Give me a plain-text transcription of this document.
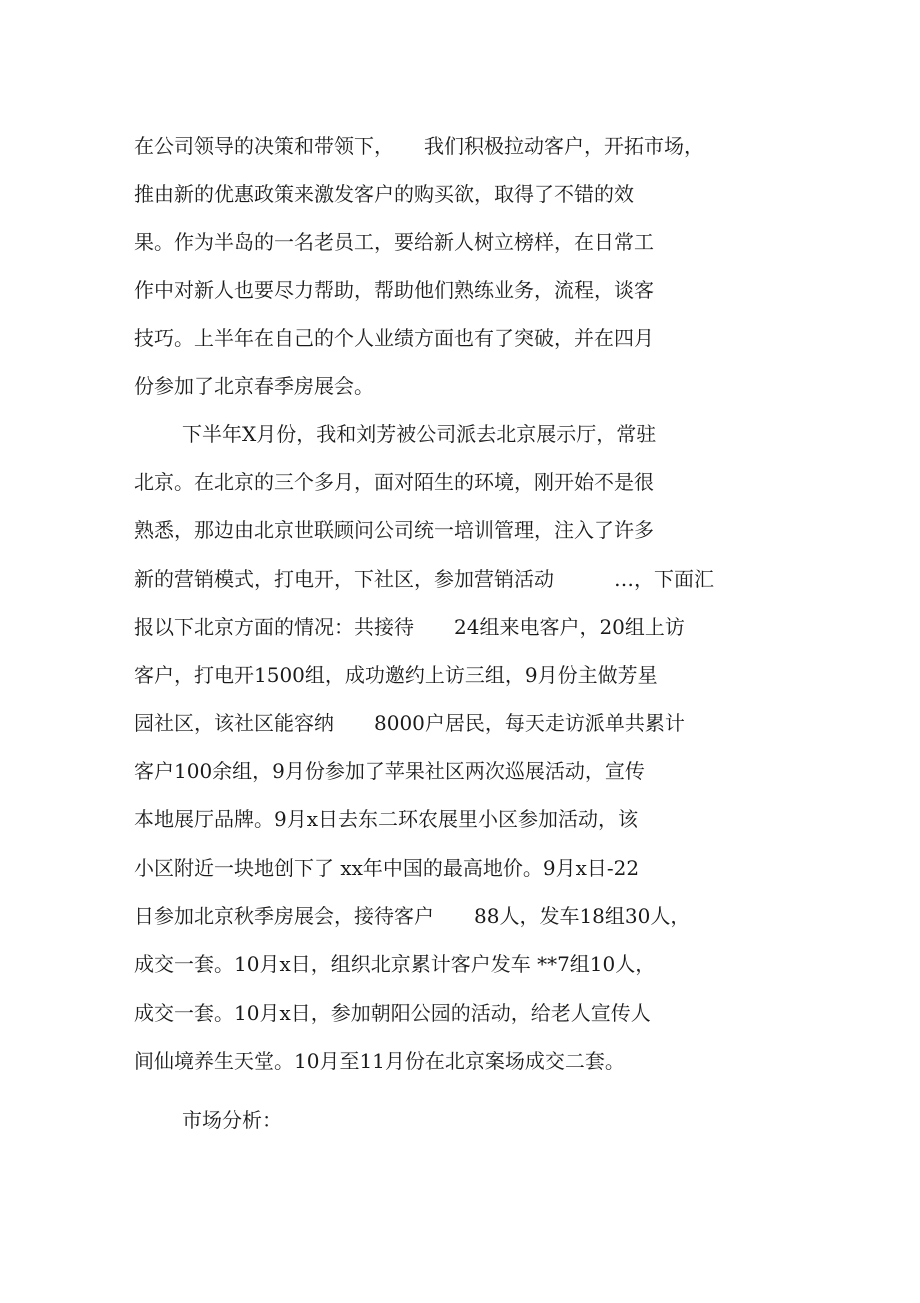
在公司领导的决策和带领下，　　我们积极拉动客户，开拓市场，
推由新的优惠政策来激发客户的购买欲，取得了不错的效
果。作为半岛的一名老员工，要给新人树立榜样，在日常工
作中对新人也要尽力帮助，帮助他们熟练业务，流程，谈客
技巧。上半年在自己的个人业绩方面也有了突破，并在四月
份参加了北京春季房展会。
下半年X月份，我和刘芳被公司派去北京展示厅，常驻
北京。在北京的三个多月，面对陌生的环境，刚开始不是很
熟悉，那边由北京世联顾问公司统一培训管理，注入了许多
新的营销模式，打电开，下社区，参加营销活动　　　…，下面汇
报以下北京方面的情况：共接待　　24组来电客户，20组上访
客户，打电开1500组，成功邀约上访三组，9月份主做芳星
园社区，该社区能容纳　　8000户居民，每天走访派单共累计
客户100余组，9月份参加了苹果社区两次巡展活动，宣传
本地展厅品牌。9月x日去东二环农展里小区参加活动，该
小区附近一块地创下了 xx年中国的最高地价。9月x日-22
日参加北京秋季房展会，接待客户　　88人，发车18组30人，
成交一套。10月x日，组织北京累计客户发车 **7组10人，
成交一套。10月x日，参加朝阳公园的活动，给老人宣传人
间仙境养生天堂。10月至11月份在北京案场成交二套。
市场分析：
